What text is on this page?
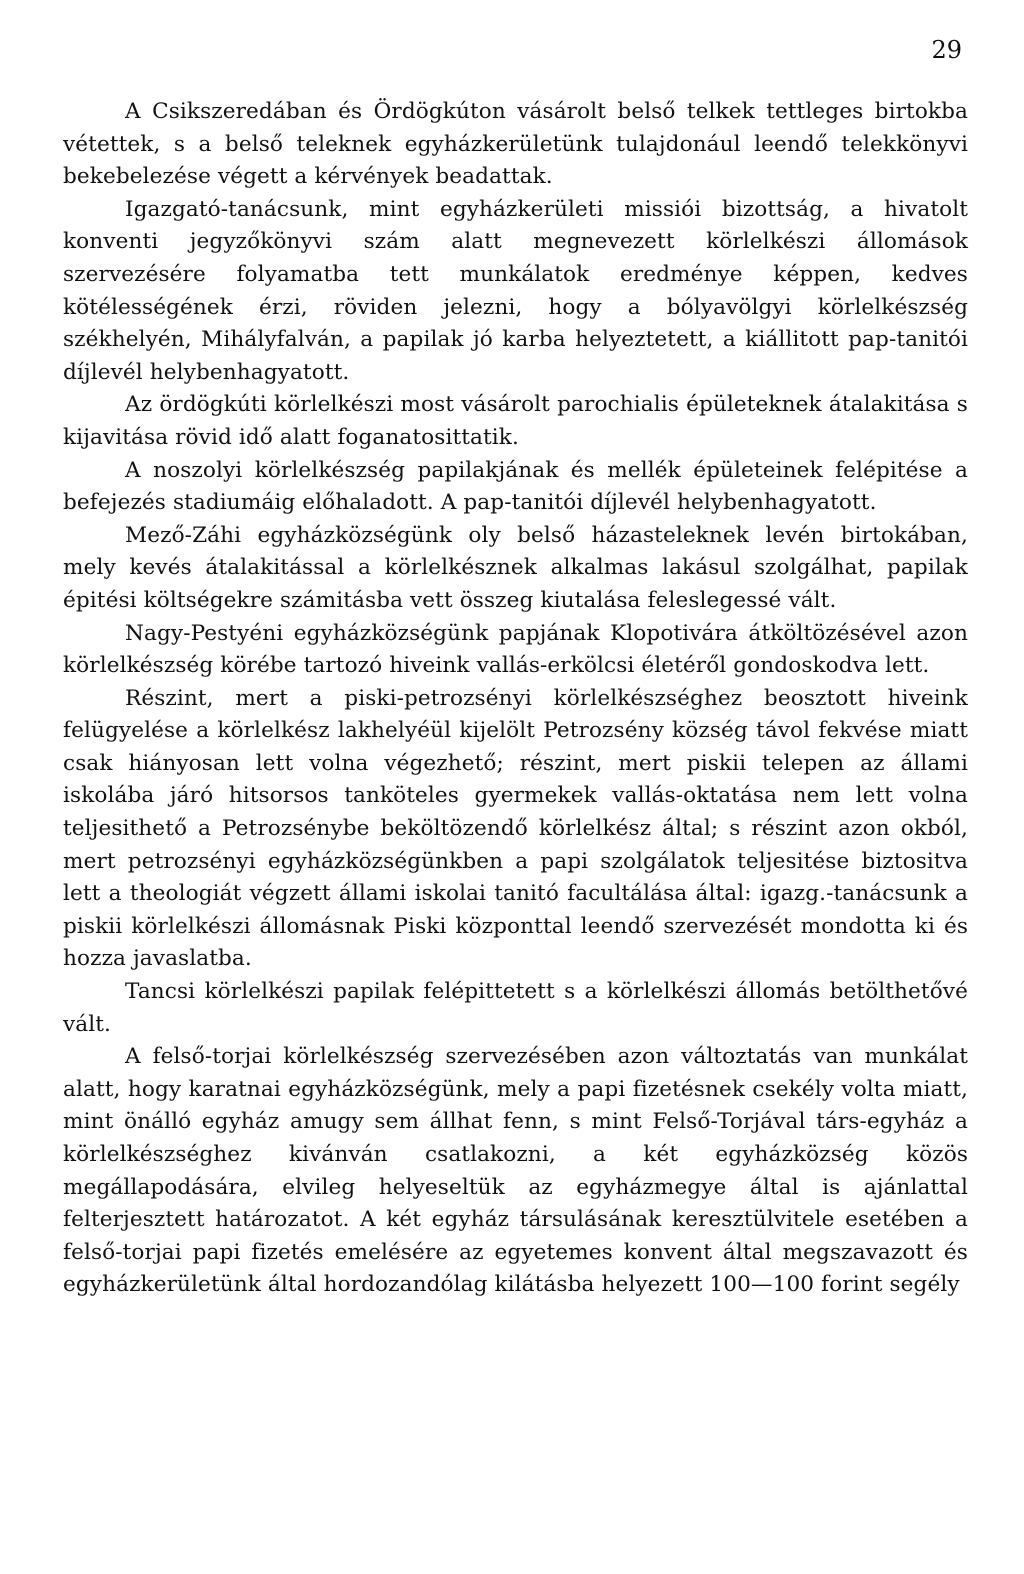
29

A Csikszeredában és Ördögkúton vásárolt belső telkek tettleges birtokba vétettek, s a belső teleknek egyházkerületünk tulajdonául leendő telekkönyvi bekebelezése végett a kérvények beadattak.

Igazgató-tanácsunk, mint egyházkerületi missiói bizottság, a hivatolt konventi jegyzőkönyvi szám alatt megnevezett körlelkészi állomások szervezésére folyamatba tett munkálatok eredménye képpen, kedves kötélességének érzi, röviden jelezni, hogy a bólyavölgyi körlelkészség székhelyén, Mihályfalván, a papilak jó karba helyeztetett, a kiállitott pap-tanitói díjlevél helybenhagyatott.

Az ördögkúti körlelkészi most vásárolt parochialis épületeknek átalakitása s kijavitása rövid idő alatt foganatosittatik.

A noszolyi körlelkészség papilakjának és mellék épületeinek felépitése a befejezés stadiumáig előhaladott. A pap-tanitói díjlevél helybenhagyatott.

Mező-Záhi egyházközségünk oly belső házasteleknek levén birtokában, mely kevés átalakitással a körlelkésznek alkalmas lakásul szolgálhat, papilak épitési költségekre számitásba vett összeg kiutalása feleslegessé vált.

Nagy-Pestyéni egyházközségünk papjának Klopotivára átköltözésével azon körlelkészség körébe tartozó hiveink vallás-erkölcsi életéről gondoskodva lett.

Részint, mert a piski-petrozsényi körlelkészséghez beosztott hiveink felügyelése a körlelkész lakhelyéül kijelölt Petrozsény község távol fekvése miatt csak hiányosan lett volna végezhető; részint, mert piskii telepen az állami iskolába járó hitsorsos tanköteles gyermekek vallás-oktatása nem lett volna teljesithető a Petrozsénybe beköltözendő körlelkész által; s részint azon okból, mert petrozsényi egyházközségünkben a papi szolgálatok teljesitése biztositva lett a theologiát végzett állami iskolai tanitó facultálása által: igazg.-tanácsunk a piskii körlelkészi állomásnak Piski központtal leendő szervezését mondotta ki és hozza javaslatba.

Tancsi körlelkészi papilak felépittetett s a körlelkészi állomás betölthetővé vált.

A felső-torjai körlelkészség szervezésében azon változtatás van munkálat alatt, hogy karatnai egyházközségünk, mely a papi fizetésnek csekély volta miatt, mint önálló egyház amugy sem állhat fenn, s mint Felső-Torjával társ-egyház a körlelkészséghez kivánván csatlakozni, a két egyházközség közös megállapodására, elvileg helyeseltük az egyházmegye által is ajánlattal felterjesztett határozatot. A két egyház társulásának keresztülvitele esetében a felső-torjai papi fizetés emelésére az egyetemes konvent által megszavazott és egyházkerületünk által hordozandólag kilátásba helyezett 100—100 forint segély
